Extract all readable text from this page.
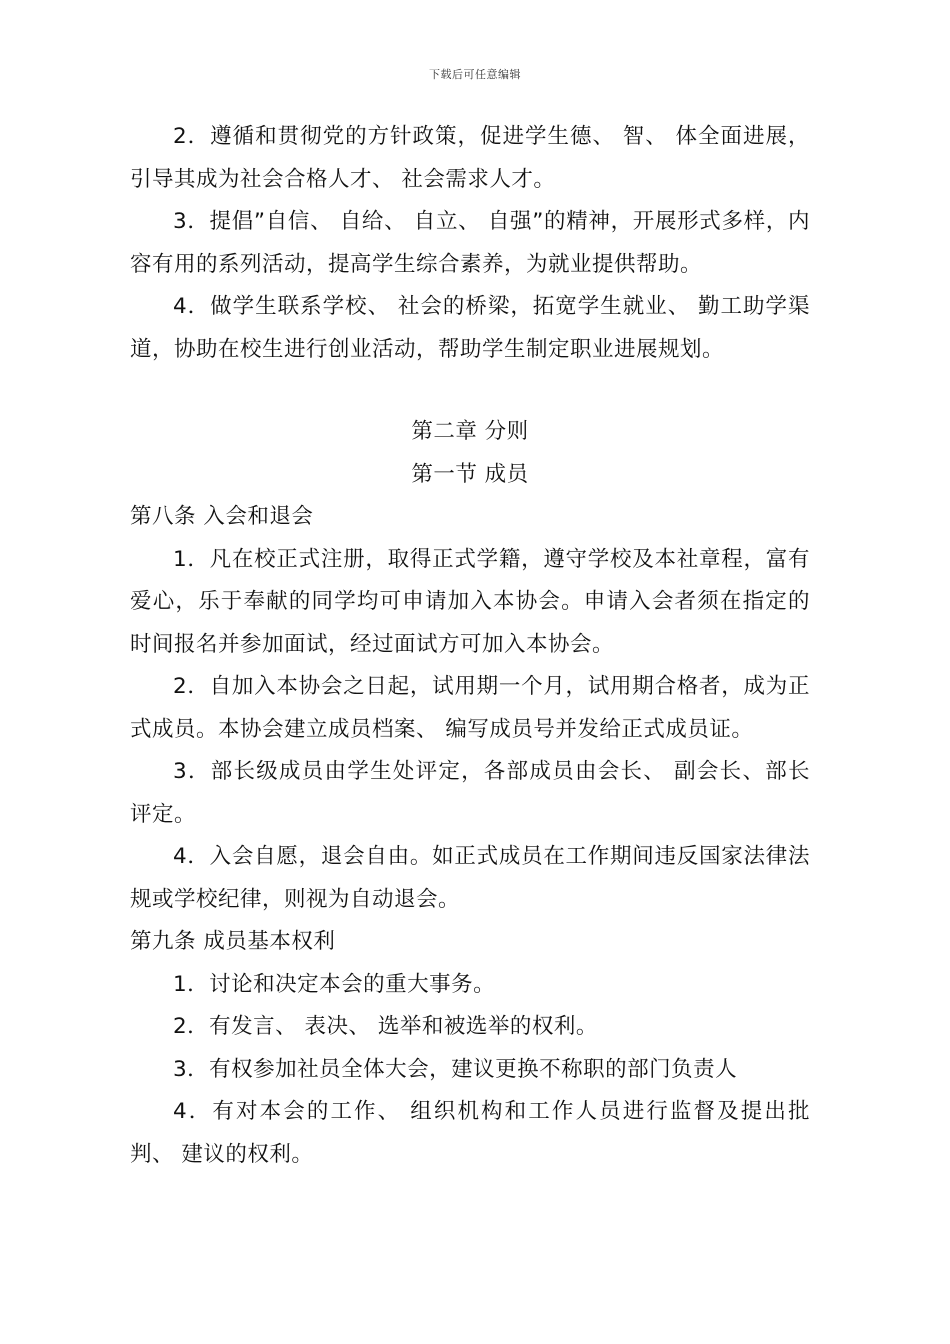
下载后可任意编辑

2．遵循和贯彻党的方针政策，促进学生德、 智、 体全面进展，引导其成为社会合格人才、 社会需求人才。

3．提倡”自信、 自给、 自立、 自强”的精神，开展形式多样，内容有用的系列活动，提高学生综合素养，为就业提供帮助。

4．做学生联系学校、 社会的桥梁，拓宽学生就业、 勤工助学渠道，协助在校生进行创业活动，帮助学生制定职业进展规划。

第二章 分则

第一节 成员

第八条 入会和退会

1．凡在校正式注册，取得正式学籍，遵守学校及本社章程，富有爱心，乐于奉献的同学均可申请加入本协会。申请入会者须在指定的时间报名并参加面试，经过面试方可加入本协会。

2．自加入本协会之日起，试用期一个月，试用期合格者，成为正式成员。本协会建立成员档案、 编写成员号并发给正式成员证。

3．部长级成员由学生处评定，各部成员由会长、 副会长、部长评定。

4．入会自愿，退会自由。如正式成员在工作期间违反国家法律法规或学校纪律，则视为自动退会。

第九条 成员基本权利

1．讨论和决定本会的重大事务。

2．有发言、 表决、 选举和被选举的权利。

3．有权参加社员全体大会，建议更换不称职的部门负责人

4．有对本会的工作、 组织机构和工作人员进行监督及提出批判、 建议的权利。
